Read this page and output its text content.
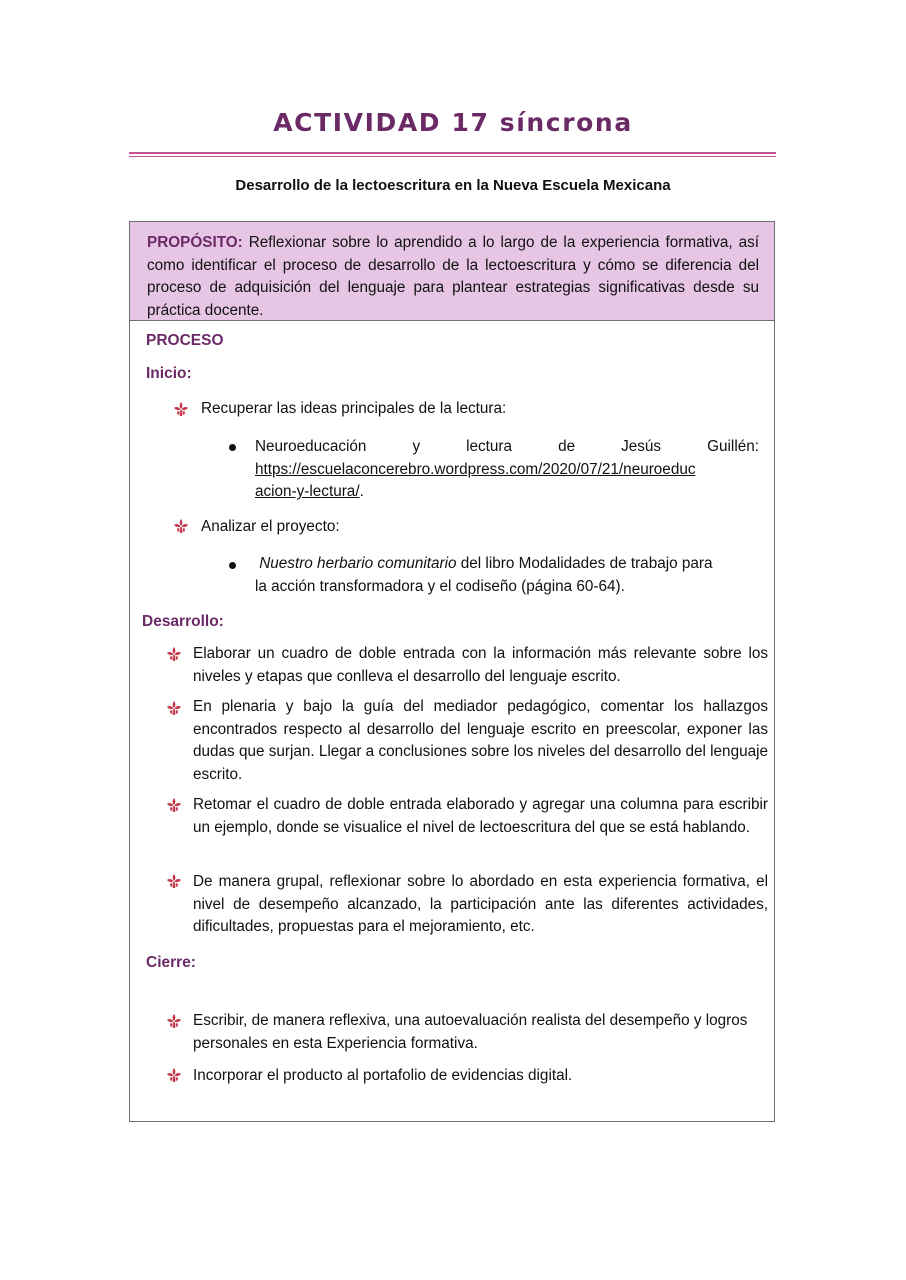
ACTIVIDAD 17 síncrona
Desarrollo de la lectoescritura en la Nueva Escuela Mexicana
PROPÓSITO: Reflexionar sobre lo aprendido a lo largo de la experiencia formativa, así como identificar el proceso de desarrollo de la lectoescritura y cómo se diferencia del proceso de adquisición del lenguaje para plantear estrategias significativas desde su práctica docente.
PROCESO
Inicio:
Recuperar las ideas principales de la lectura:
Neuroeducación	y	lectura	de	Jesús	Guillén:
https://escuelaconcerebro.wordpress.com/2020/07/21/neuroeduc
acion-y-lectura/.
Analizar el proyecto:
Nuestro herbario comunitario del libro Modalidades de trabajo para
la acción transformadora y el codiseño (página 60-64).
Desarrollo:
Elaborar un cuadro de doble entrada con la información más relevante sobre los niveles y etapas que conlleva el desarrollo del lenguaje escrito.
En plenaria y bajo la guía del mediador pedagógico, comentar los hallazgos encontrados respecto al desarrollo del lenguaje escrito en preescolar, exponer las dudas que surjan. Llegar a conclusiones sobre los niveles del desarrollo del lenguaje escrito.
Retomar el cuadro de doble entrada elaborado y agregar una columna para escribir un ejemplo, donde se visualice el nivel de lectoescritura del que se está hablando.
De manera grupal, reflexionar sobre lo abordado en esta experiencia formativa, el nivel de desempeño alcanzado, la participación ante las diferentes actividades, dificultades, propuestas para el mejoramiento, etc.
Cierre:
Escribir, de manera reflexiva, una autoevaluación realista del desempeño y logros personales en esta Experiencia formativa.
Incorporar el producto al portafolio de evidencias digital.
